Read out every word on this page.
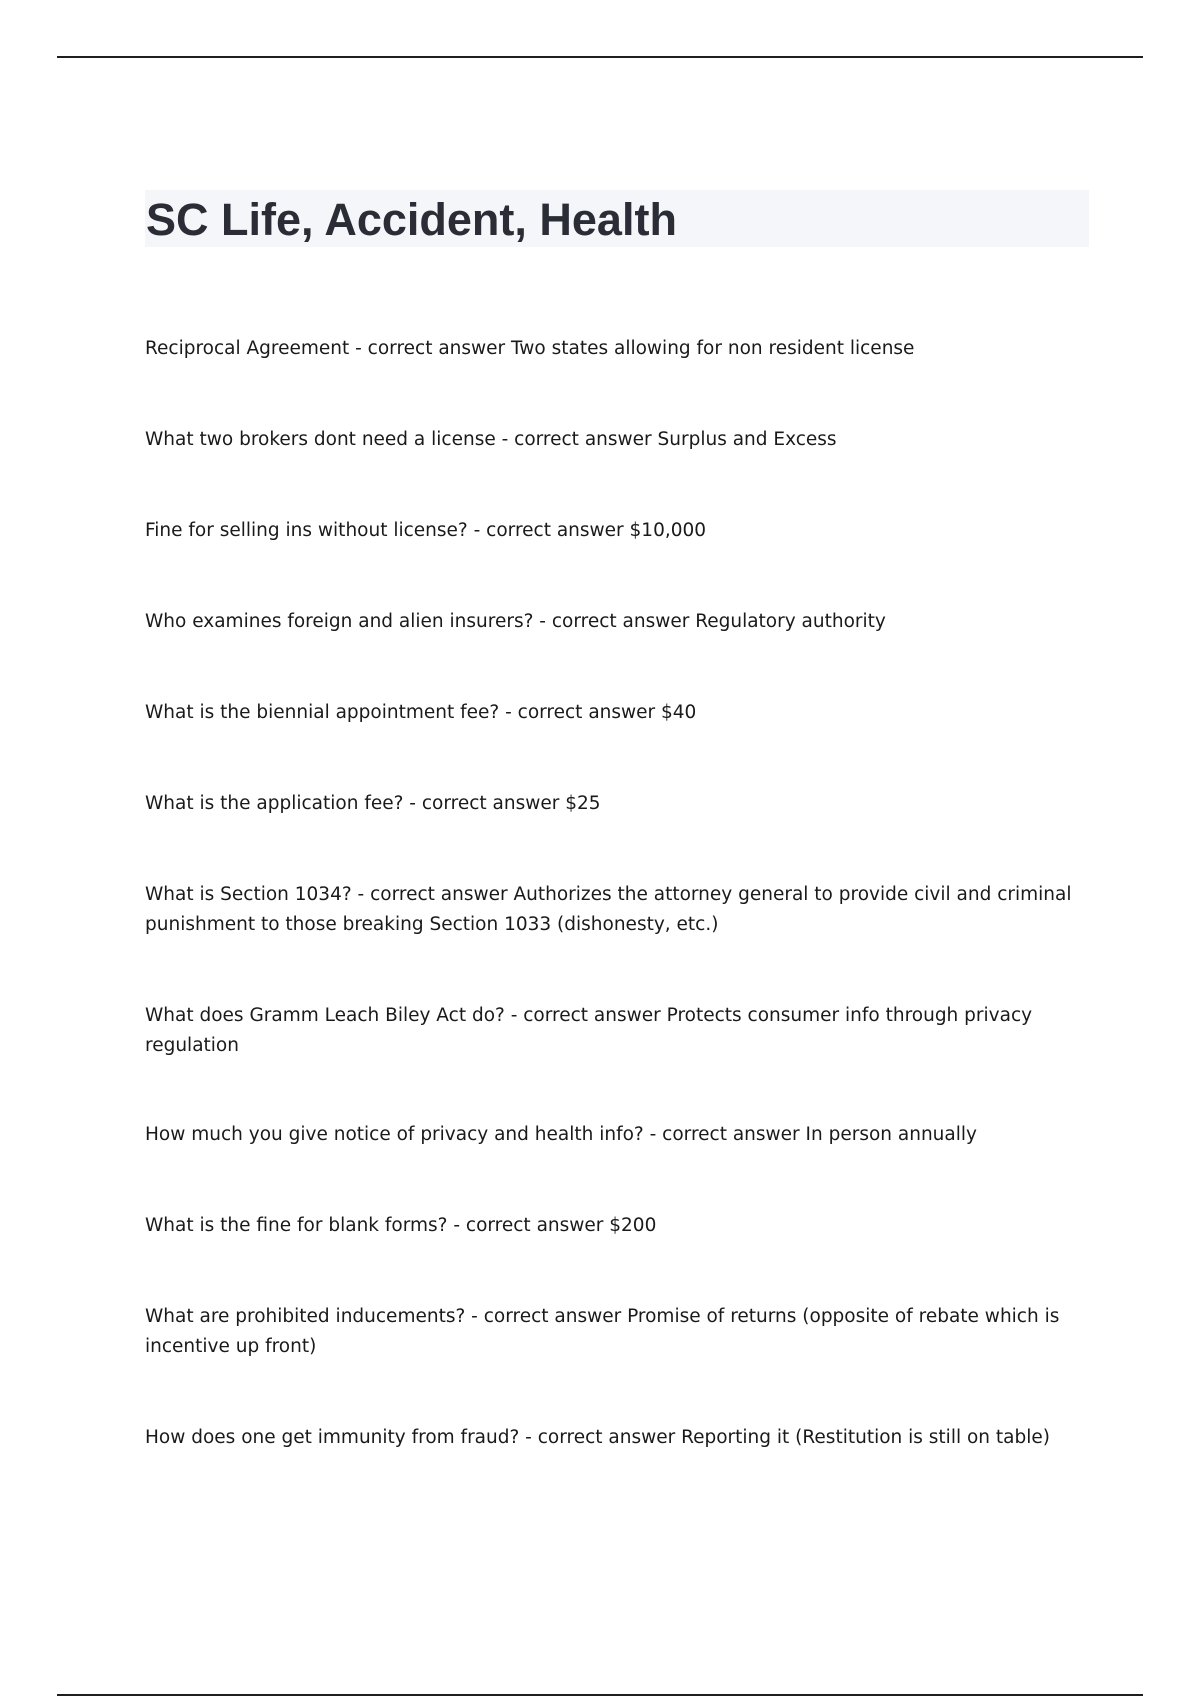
SC Life, Accident, Health

Reciprocal Agreement - correct answer Two states allowing for non resident license

What two brokers dont need a license - correct answer Surplus and Excess

Fine for selling ins without license? - correct answer $10,000

Who examines foreign and alien insurers? - correct answer Regulatory authority

What is the biennial appointment fee? - correct answer $40

What is the application fee? - correct answer $25

What is Section 1034? - correct answer Authorizes the attorney general to provide civil and criminal punishment to those breaking Section 1033 (dishonesty, etc.)

What does Gramm Leach Biley Act do? - correct answer Protects consumer info through privacy regulation

How much you give notice of privacy and health info? - correct answer In person annually

What is the fine for blank forms? - correct answer $200

What are prohibited inducements? - correct answer Promise of returns (opposite of rebate which is incentive up front)

How does one get immunity from fraud? - correct answer Reporting it (Restitution is still on table)
